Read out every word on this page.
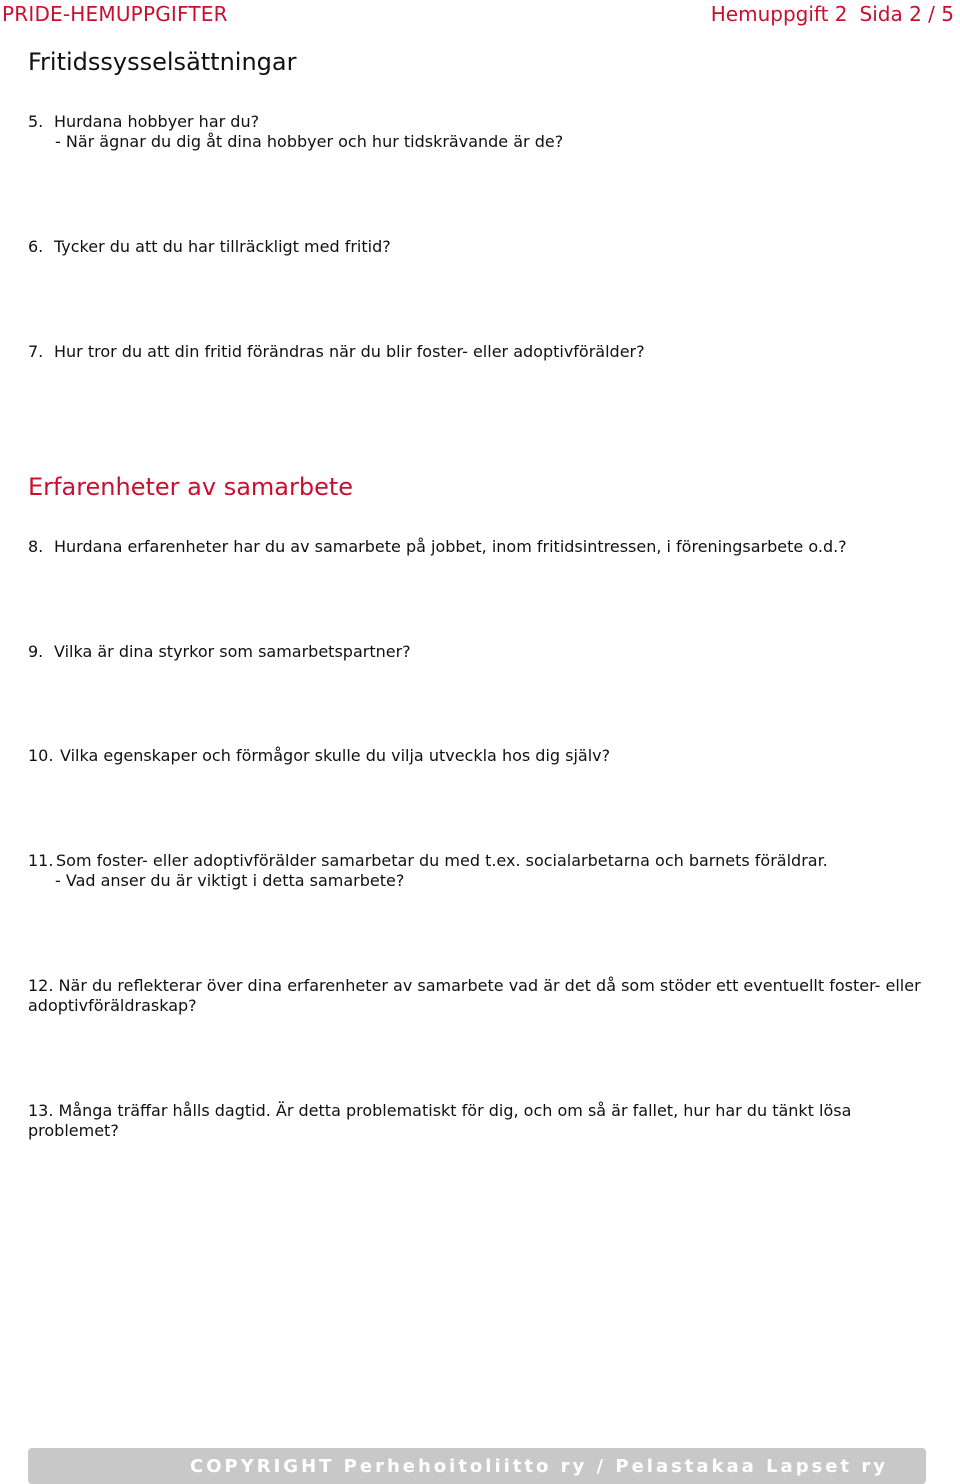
PRIDE-HEMUPPGIFTER	Hemuppgift 2 Sida 2 / 5
Fritidssysselsättningar
5. Hurdana hobbyer har du?
- När ägnar du dig åt dina hobbyer och hur tidskrävande är de?
6. Tycker du att du har tillräckligt med fritid?
7. Hur tror du att din fritid förändras när du blir foster- eller adoptivförälder?
Erfarenheter av samarbete
8. Hurdana erfarenheter har du av samarbete på jobbet, inom fritidsintressen, i föreningsarbete o.d.?
9. Vilka är dina styrkor som samarbetspartner?
10. Vilka egenskaper och förmågor skulle du vilja utveckla hos dig själv?
11. Som foster- eller adoptivförälder samarbetar du med t.ex. socialarbetarna och barnets föräldrar.
- Vad anser du är viktigt i detta samarbete?
12. När du reflekterar över dina erfarenheter av samarbete vad är det då som stöder ett eventuellt foster- eller adoptivföräldraskap?
13. Många träffar hålls dagtid. Är detta problematiskt för dig, och om så är fallet, hur har du tänkt lösa problemet?
COPYRIGHT Perhehoitoliitto ry / Pelastakaa Lapset ry
